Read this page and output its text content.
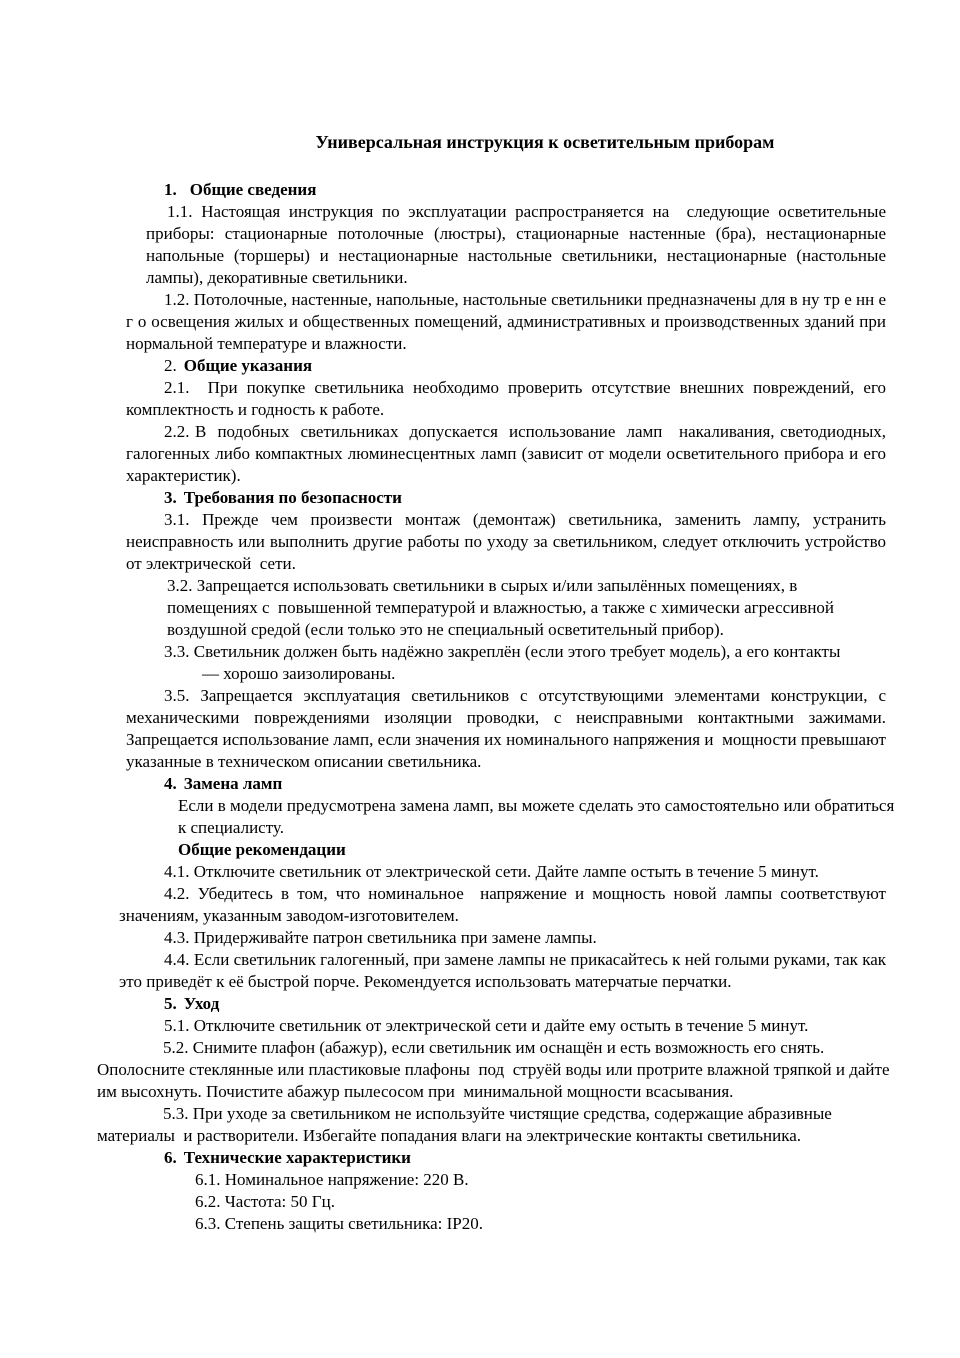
Универсальная инструкция к осветительным приборам
1. Общие сведения
1.1. Настоящая инструкция по эксплуатации распространяется на  следующие осветительные приборы: стационарные потолочные (люстры), стационарные настенные (бра), нестационарные напольные (торшеры) и нестационарные настольные светильники, нестационарные (настольные лампы), декоративные светильники.
1.2. Потолочные, настенные, напольные, настольные светильники предназначены для в ну тр е нн е г о освещения жилых и общественных помещений, административных и производственных зданий при  нормальной температуре и влажности.
2. Общие указания
2.1.  При покупке светильника необходимо проверить отсутствие внешних повреждений, его комплектность и годность к работе.
2.2. В  подобных  светильниках  допускается  использование  ламп   накаливания, светодиодных, галогенных либо компактных люминесцентных ламп (зависит от модели осветительного прибора и его характеристик).
3. Требования по безопасности
3.1. Прежде чем произвести монтаж (демонтаж) светильника, заменить лампу, устранить неисправность или выполнить другие работы по уходу за светильником, следует отключить устройство от электрической  сети.
3.2. Запрещается использовать светильники в сырых и/или запылённых помещениях, в помещениях с  повышенной температурой и влажностью, а также с химически агрессивной воздушной средой (если только это не специальный осветительный прибор).
3.3. Светильник должен быть надёжно закреплён (если этого требует модель), а его контакты
— хорошо заизолированы.
3.5. Запрещается эксплуатация светильников с отсутствующими элементами конструкции, с механическими повреждениями изоляции проводки, с неисправными контактными зажимами. Запрещается использование ламп, если значения их номинального напряжения и  мощности превышают указанные в техническом описании светильника.
4. Замена ламп
Если в модели предусмотрена замена ламп, вы можете сделать это самостоятельно или обратиться к специалисту.
Общие рекомендации
4.1. Отключите светильник от электрической сети. Дайте лампе остыть в течение 5 минут.
4.2. Убедитесь в том, что номинальное  напряжение и мощность новой лампы соответствуют значениям, указанным заводом-изготовителем.
4.3. Придерживайте патрон светильника при замене лампы.
4.4. Если светильник галогенный, при замене лампы не прикасайтесь к ней голыми руками, так как это приведёт к её быстрой порче. Рекомендуется использовать матерчатые перчатки.
5. Уход
5.1. Отключите светильник от электрической сети и дайте ему остыть в течение 5 минут.
5.2. Снимите плафон (абажур), если светильник им оснащён и есть возможность его снять. Ополосните стеклянные или пластиковые плафоны  под  струёй воды или протрите влажной тряпкой и дайте им высохнуть. Почистите абажур пылесосом при  минимальной мощности всасывания.
5.3. При уходе за светильником не используйте чистящие средства, содержащие абразивные материалы  и растворители. Избегайте попадания влаги на электрические контакты светильника.
6. Технические характеристики
6.1. Номинальное напряжение: 220 В.
6.2. Частота: 50 Гц.
6.3. Степень защиты светильника: IP20.
